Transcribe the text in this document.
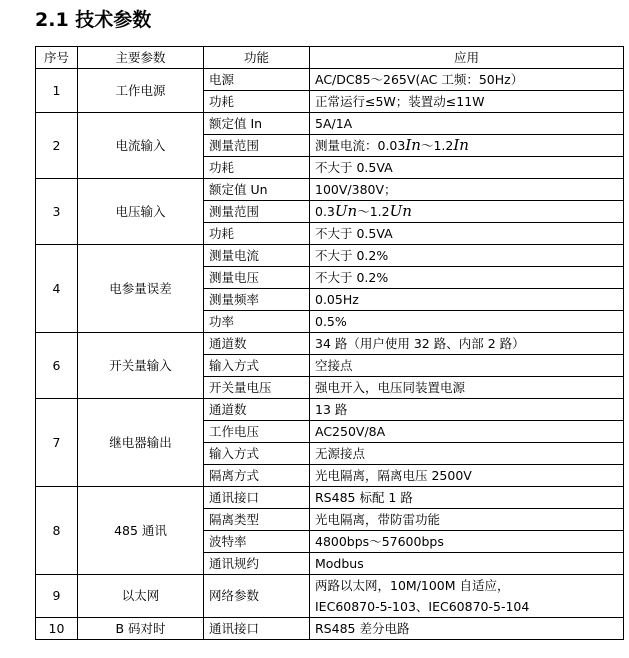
2.1 技术参数
序号	主要参数	功能	应用
1	工作电源	电源	AC/DC85～265V(AC 工频：50Hz）
		功耗	正常运行≤5W；装置动≤11W
2	电流输入	额定值 In	5A/1A
		测量范围	测量电流：0.03In～1.2In
		功耗	不大于 0.5VA
3	电压输入	额定值 Un	100V/380V；
		测量范围	0.3Un～1.2Un
		功耗	不大于 0.5VA
4	电参量误差	测量电流	不大于 0.2%
		测量电压	不大于 0.2%
		测量频率	0.05Hz
		功率	0.5%
6	开关量输入	通道数	34 路（用户使用 32 路、内部 2 路）
		输入方式	空接点
		开关量电压	强电开入，电压同装置电源
7	继电器输出	通道数	13 路
		工作电压	AC250V/8A
		输入方式	无源接点
		隔离方式	光电隔离，隔离电压 2500V
8	485 通讯	通讯接口	RS485 标配 1 路
		隔离类型	光电隔离，带防雷功能
		波特率	4800bps～57600bps
		通讯规约	Modbus
9	以太网	网络参数	两路以太网，10M/100M 自适应，
IEC60870-5-103、IEC60870-5-104

10	B 码对时	通讯接口	RS485 差分电路
